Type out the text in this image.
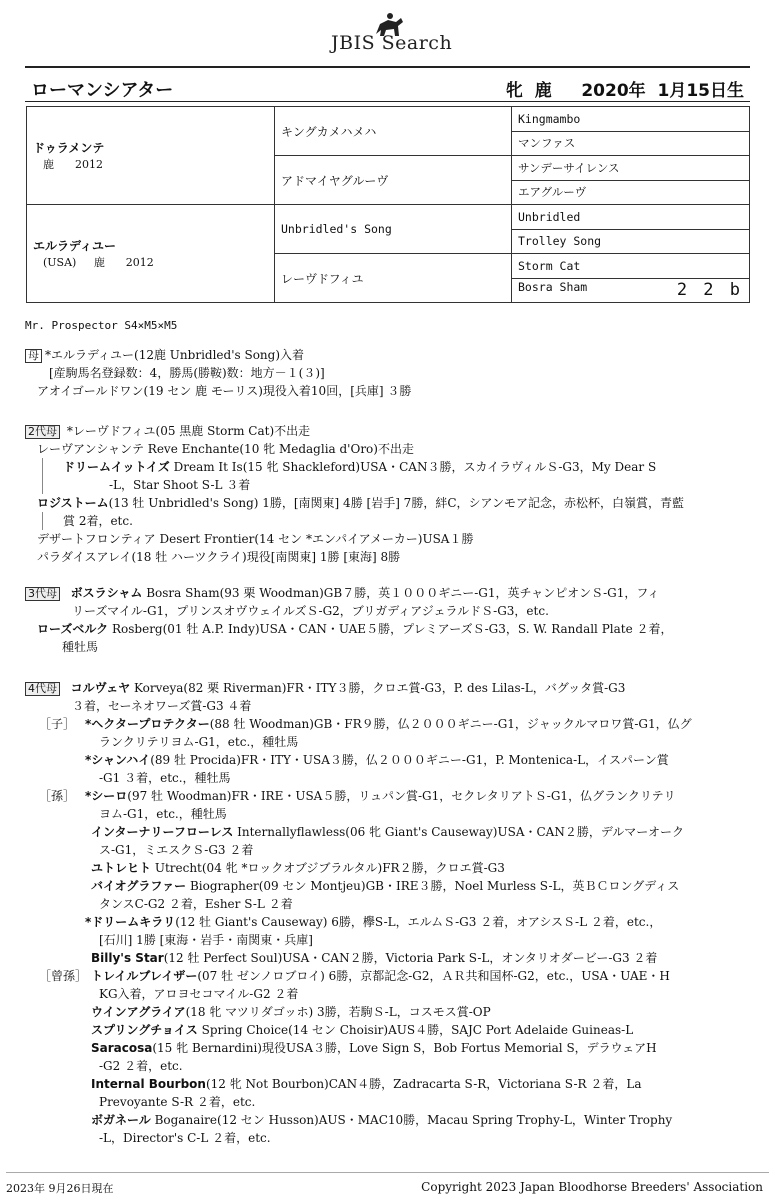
JBIS Search
ローマンシアター	牝  鹿     2020年  1月15日生
ドゥラメンテ
鹿      2012	キングカメハメハ	Kingmambo
		マンファス
	アドマイヤグルーヴ	サンデーサイレンス
		エアグルーヴ

エルラディユー
(USA)     鹿      2012	Unbridled's Song	Unbridled
		Trolley Song
	レーヴドフィユ	Storm Cat
		Bosra Sham 2 2 b
Mr. Prospector S4×M5×M5
母 *エルラディユー(12鹿 Unbridled's Song)入着
[産駒馬名登録数：4，勝馬(勝鞍)数：地方－１(３)]
アオイゴールドワン(19 セン 鹿 モーリス)現役入着10回，[兵庫] ３勝
2代母 *レーヴドフィユ(05 黒鹿 Storm Cat)不出走
レーヴアンシャンテ Reve Enchante(10 牝 Medaglia d'Oro)不出走
ドリームイットイズ Dream It Is(15 牝 Shackleford)USA・CAN３勝，スカイラヴィルＳ-G3，My Dear S
-L，Star Shoot S-L ３着
ロジストーム(13 牡 Unbridled's Song) 1勝，[南関東] 4勝 [岩手] 7勝，絆C，シアンモア記念，赤松杯，白嶺賞，青藍
賞 2着，etc.
デザートフロンティア Desert Frontier(14 セン *エンパイアメーカー)USA１勝
パラダイスアレイ(18 牡 ハーツクライ)現役[南関東] 1勝 [東海] 8勝
3代母 ボスラシャム Bosra Sham(93 栗 Woodman)GB７勝，英１０００ギニー-G1，英チャンピオンＳ-G1，フィ
リーズマイル-G1，プリンスオヴウェイルズＳ-G2，ブリガディアジェラルドＳ-G3，etc.
ローズベルク Rosberg(01 牡 A.P. Indy)USA・CAN・UAE５勝，プレミアーズＳ-G3，S. W. Randall Plate ２着，
種牡馬
4代母 コルヴェヤ Korveya(82 栗 Riverman)FR・ITY３勝，クロエ賞-G3，P. des Lilas-L，バグッタ賞-G3
３着，セーネオワーズ賞-G3 ４着
［子］ *ヘクタープロテクター(88 牡 Woodman)GB・FR９勝，仏２０００ギニー-G1，ジャックルマロワ賞-G1，仏グ
ランクリテリヨム-G1，etc.，種牡馬
*シャンハイ(89 牡 Procida)FR・ITY・USA３勝，仏２０００ギニー-G1，P. Montenica-L，イスパーン賞
-G1 ３着，etc.，種牡馬
［孫］ *シーロ(97 牡 Woodman)FR・IRE・USA５勝，リュパン賞-G1，セクレタリアトＳ-G1，仏グランクリテリ
ヨム-G1，etc.，種牡馬
インターナリーフローレス Internallyflawless(06 牝 Giant's Causeway)USA・CAN２勝，デルマーオーク
ス-G1，ミエスクＳ-G3 ２着
ユトレヒト Utrecht(04 牝 *ロックオブジブラルタル)FR２勝，クロエ賞-G3
バイオグラファー Biographer(09 セン Montjeu)GB・IRE３勝，Noel Murless S-L，英ＢＣロングディス
タンスC-G2 ２着，Esher S-L ２着
*ドリームキラリ(12 牡 Giant's Causeway) 6勝，欅S-L，エルムＳ-G3 ２着，オアシスＳ-L ２着，etc.，
[石川] 1勝 [東海・岩手・南関東・兵庫]
Billy's Star(12 牡 Perfect Soul)USA・CAN２勝，Victoria Park S-L，オンタリオダービー-G3 ２着
［曾孫］ トレイルブレイザー(07 牡 ゼンノロブロイ) 6勝，京都記念-G2，ＡＲ共和国杯-G2，etc.，USA・UAE・H
KG入着，アロヨセコマイル-G2 ２着
ウインアグライア(18 牝 マツリダゴッホ) 3勝，若駒Ｓ-L，コスモス賞-OP
スプリングチョイス Spring Choice(14 セン Choisir)AUS４勝，SAJC Port Adelaide Guineas-L
Saracosa(15 牝 Bernardini)現役USA３勝，Love Sign S，Bob Fortus Memorial S，デラウェアH
-G2 ２着，etc.
Internal Bourbon(12 牝 Not Bourbon)CAN４勝，Zadracarta S-R，Victoriana S-R ２着，La
Prevoyante S-R ２着，etc.
ボガネール Boganaire(12 セン Husson)AUS・MAC10勝，Macau Spring Trophy-L，Winter Trophy
-L，Director's C-L ２着，etc.
2023年 9月26日現在	Copyright 2023 Japan Bloodhorse Breeders' Association
